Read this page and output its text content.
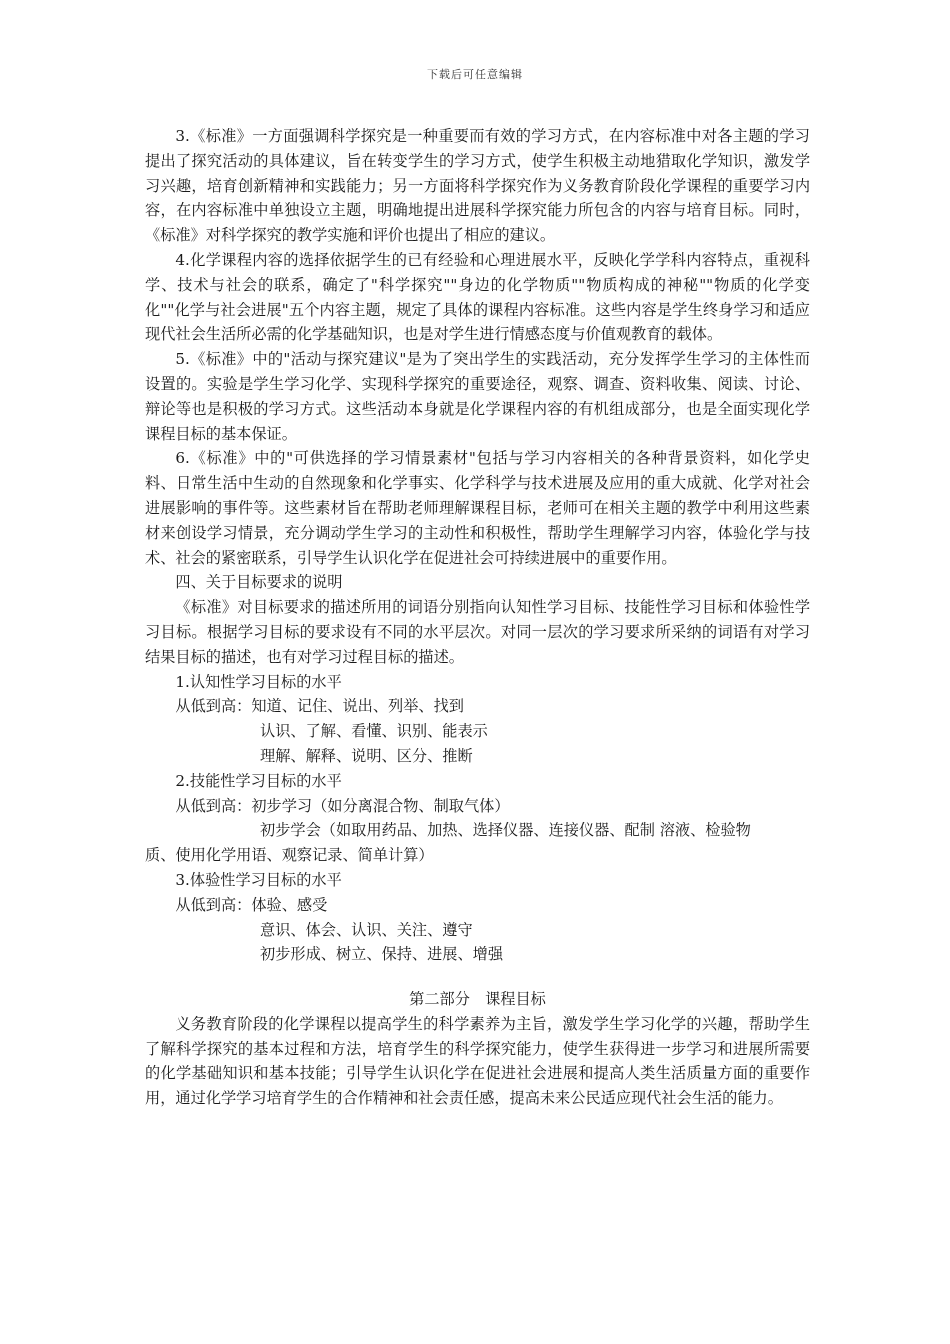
下载后可任意编辑

3.《标准》一方面强调科学探究是一种重要而有效的学习方式，在内容标准中对各主题的学习提出了探究活动的具体建议，旨在转变学生的学习方式，使学生积极主动地猎取化学知识，激发学习兴趣，培育创新精神和实践能力；另一方面将科学探究作为义务教育阶段化学课程的重要学习内容，在内容标准中单独设立主题，明确地提出进展科学探究能力所包含的内容与培育目标。同时，《标准》对科学探究的教学实施和评价也提出了相应的建议。

4.化学课程内容的选择依据学生的已有经验和心理进展水平，反映化学学科内容特点，重视科学、技术与社会的联系，确定了"科学探究""身边的化学物质""物质构成的神秘""物质的化学变化""化学与社会进展"五个内容主题，规定了具体的课程内容标准。这些内容是学生终身学习和适应现代社会生活所必需的化学基础知识，也是对学生进行情感态度与价值观教育的载体。

5.《标准》中的"活动与探究建议"是为了突出学生的实践活动，充分发挥学生学习的主体性而设置的。实验是学生学习化学、实现科学探究的重要途径，观察、调查、资料收集、阅读、讨论、辩论等也是积极的学习方式。这些活动本身就是化学课程内容的有机组成部分，也是全面实现化学课程目标的基本保证。

6.《标准》中的"可供选择的学习情景素材"包括与学习内容相关的各种背景资料，如化学史料、日常生活中生动的自然现象和化学事实、化学科学与技术进展及应用的重大成就、化学对社会进展影响的事件等。这些素材旨在帮助老师理解课程目标，老师可在相关主题的教学中利用这些素材来创设学习情景，充分调动学生学习的主动性和积极性，帮助学生理解学习内容，体验化学与技术、社会的紧密联系，引导学生认识化学在促进社会可持续进展中的重要作用。

四、关于目标要求的说明

《标准》对目标要求的描述所用的词语分别指向认知性学习目标、技能性学习目标和体验性学习目标。根据学习目标的要求设有不同的水平层次。对同一层次的学习要求所采纳的词语有对学习结果目标的描述，也有对学习过程目标的描述。

1.认知性学习目标的水平

从低到高：知道、记住、说出、列举、找到

认识、了解、看懂、识别、能表示

理解、解释、说明、区分、推断

2.技能性学习目标的水平

从低到高：初步学习（如分离混合物、制取气体）

初步学会（如取用药品、加热、选择仪器、连接仪器、配制 溶液、检验物

质、使用化学用语、观察记录、简单计算）

3.体验性学习目标的水平

从低到高：体验、感受

意识、体会、认识、关注、遵守

初步形成、树立、保持、进展、增强

第二部分　课程目标

义务教育阶段的化学课程以提高学生的科学素养为主旨，激发学生学习化学的兴趣，帮助学生了解科学探究的基本过程和方法，培育学生的科学探究能力，使学生获得进一步学习和进展所需要的化学基础知识和基本技能；引导学生认识化学在促进社会进展和提高人类生活质量方面的重要作用，通过化学学习培育学生的合作精神和社会责任感，提高未来公民适应现代社会生活的能力。
